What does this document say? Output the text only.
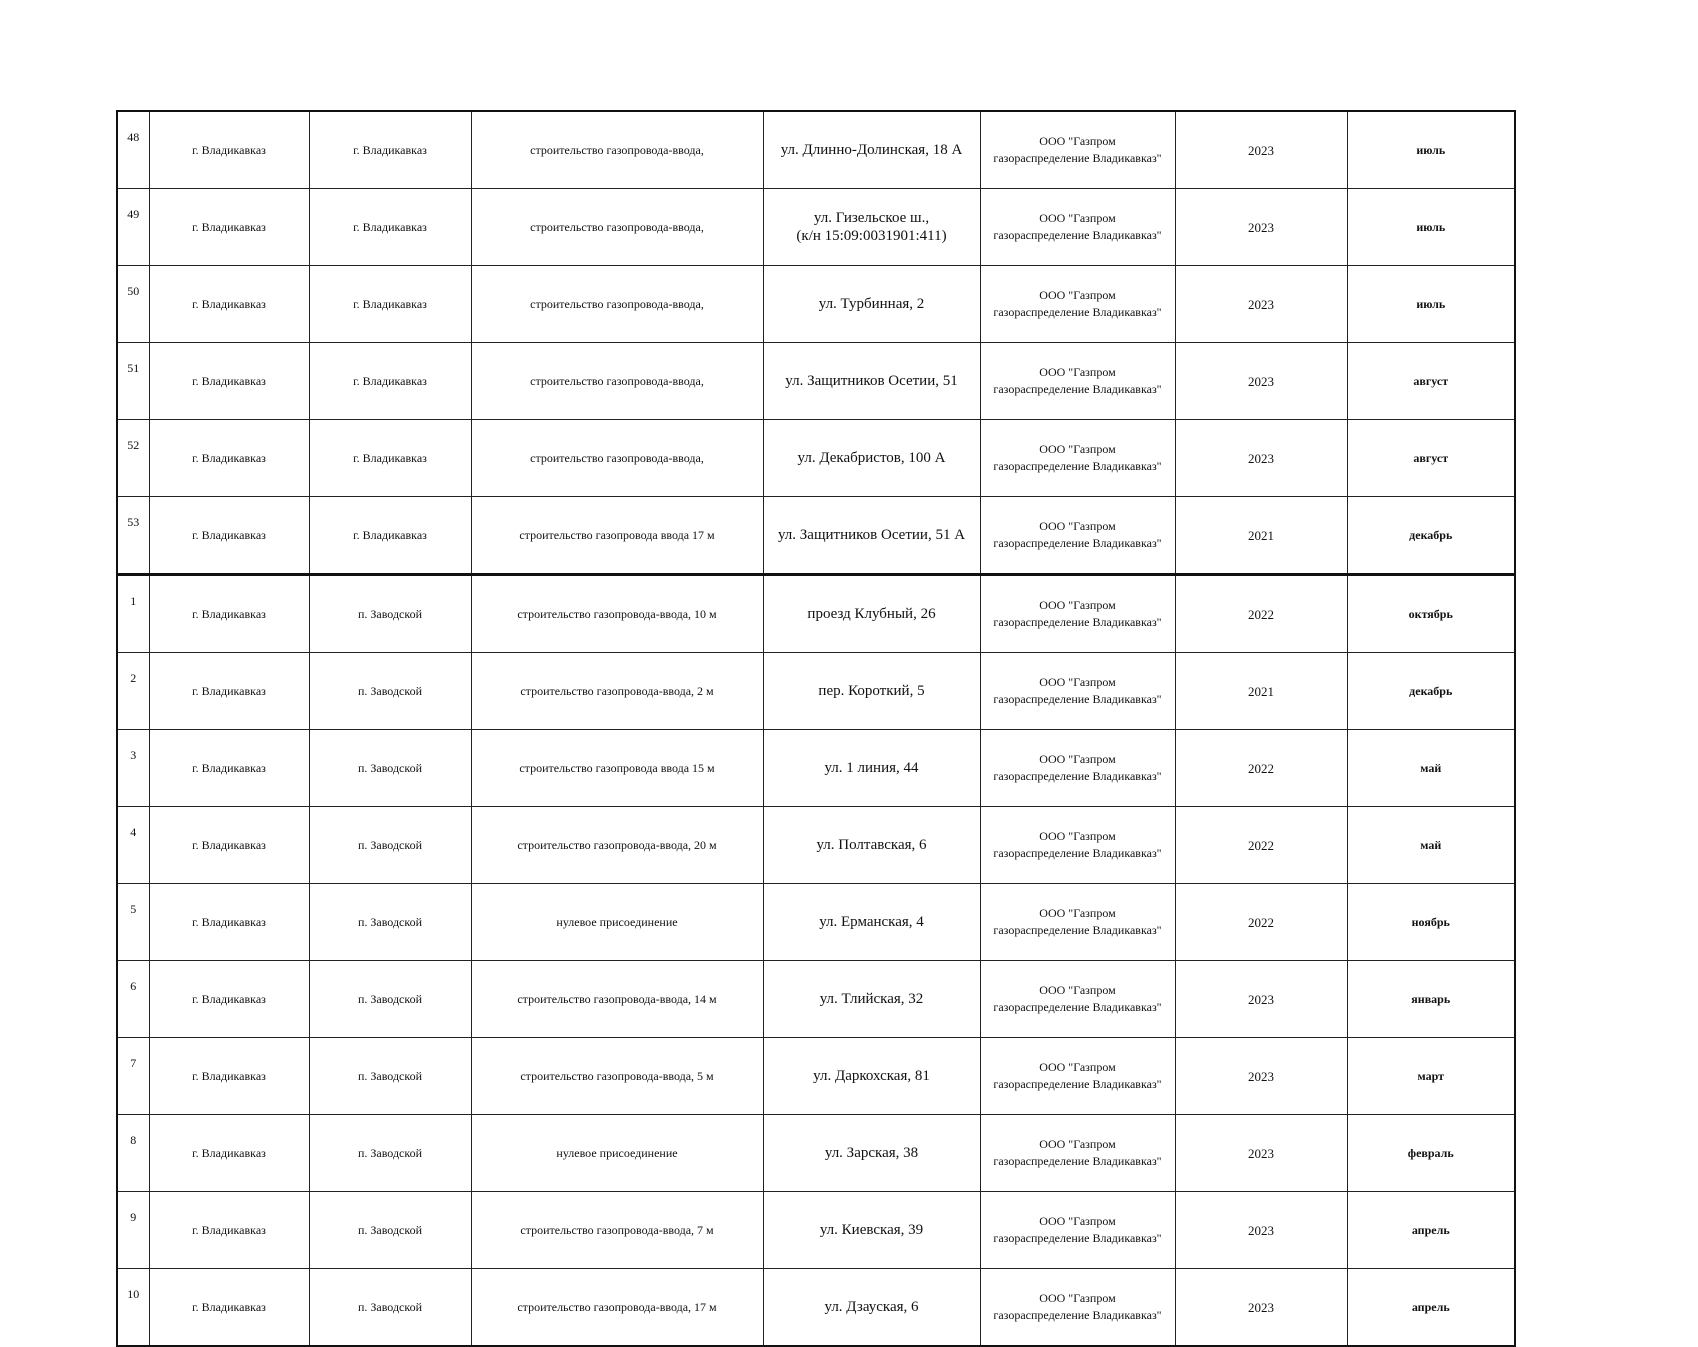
48	г. Владикавказ	г. Владикавказ	строительство газопровода-ввода,	ул. Длинно-Долинская, 18 А	ООО "Газпром
газораспределение Владикавказ"	2023	июль
49	г. Владикавказ	г. Владикавказ	строительство газопровода-ввода,	ул. Гизельское ш.,
(к/н 15:09:0031901:411)	ООО "Газпром
газораспределение Владикавказ"	2023	июль
50	г. Владикавказ	г. Владикавказ	строительство газопровода-ввода,	ул. Турбинная, 2	ООО "Газпром
газораспределение Владикавказ"	2023	июль
51	г. Владикавказ	г. Владикавказ	строительство газопровода-ввода,	ул. Защитников Осетии, 51	ООО "Газпром
газораспределение Владикавказ"	2023	август
52	г. Владикавказ	г. Владикавказ	строительство газопровода-ввода,	ул. Декабристов, 100 А	ООО "Газпром
газораспределение Владикавказ"	2023	август
53	г. Владикавказ	г. Владикавказ	строительство газопровода ввода 17 м	ул. Защитников Осетии, 51 А	ООО "Газпром
газораспределение Владикавказ"	2021	декабрь
1	г. Владикавказ	п. Заводской	строительство газопровода-ввода, 10 м	проезд Клубный, 26	ООО "Газпром
газораспределение Владикавказ"	2022	октябрь
2	г. Владикавказ	п. Заводской	строительство газопровода-ввода, 2 м	пер. Короткий, 5	ООО "Газпром
газораспределение Владикавказ"	2021	декабрь
3	г. Владикавказ	п. Заводской	строительство газопровода ввода 15 м	ул. 1 линия, 44	ООО "Газпром
газораспределение Владикавказ"	2022	май
4	г. Владикавказ	п. Заводской	строительство газопровода-ввода, 20 м	ул. Полтавская, 6	ООО "Газпром
газораспределение Владикавказ"	2022	май
5	г. Владикавказ	п. Заводской	нулевое присоединение	ул. Ерманская, 4	ООО "Газпром
газораспределение Владикавказ"	2022	ноябрь
6	г. Владикавказ	п. Заводской	строительство газопровода-ввода, 14 м	ул. Тлийская, 32	ООО "Газпром
газораспределение Владикавказ"	2023	январь
7	г. Владикавказ	п. Заводской	строительство газопровода-ввода, 5 м	ул. Даркохская, 81	ООО "Газпром
газораспределение Владикавказ"	2023	март
8	г. Владикавказ	п. Заводской	нулевое присоединение	ул. Зарская, 38	ООО "Газпром
газораспределение Владикавказ"	2023	февраль
9	г. Владикавказ	п. Заводской	строительство газопровода-ввода, 7 м	ул. Киевская, 39	ООО "Газпром
газораспределение Владикавказ"	2023	апрель
10	г. Владикавказ	п. Заводской	строительство газопровода-ввода, 17 м	ул. Дзауская, 6	ООО "Газпром
газораспределение Владикавказ"	2023	апрель
